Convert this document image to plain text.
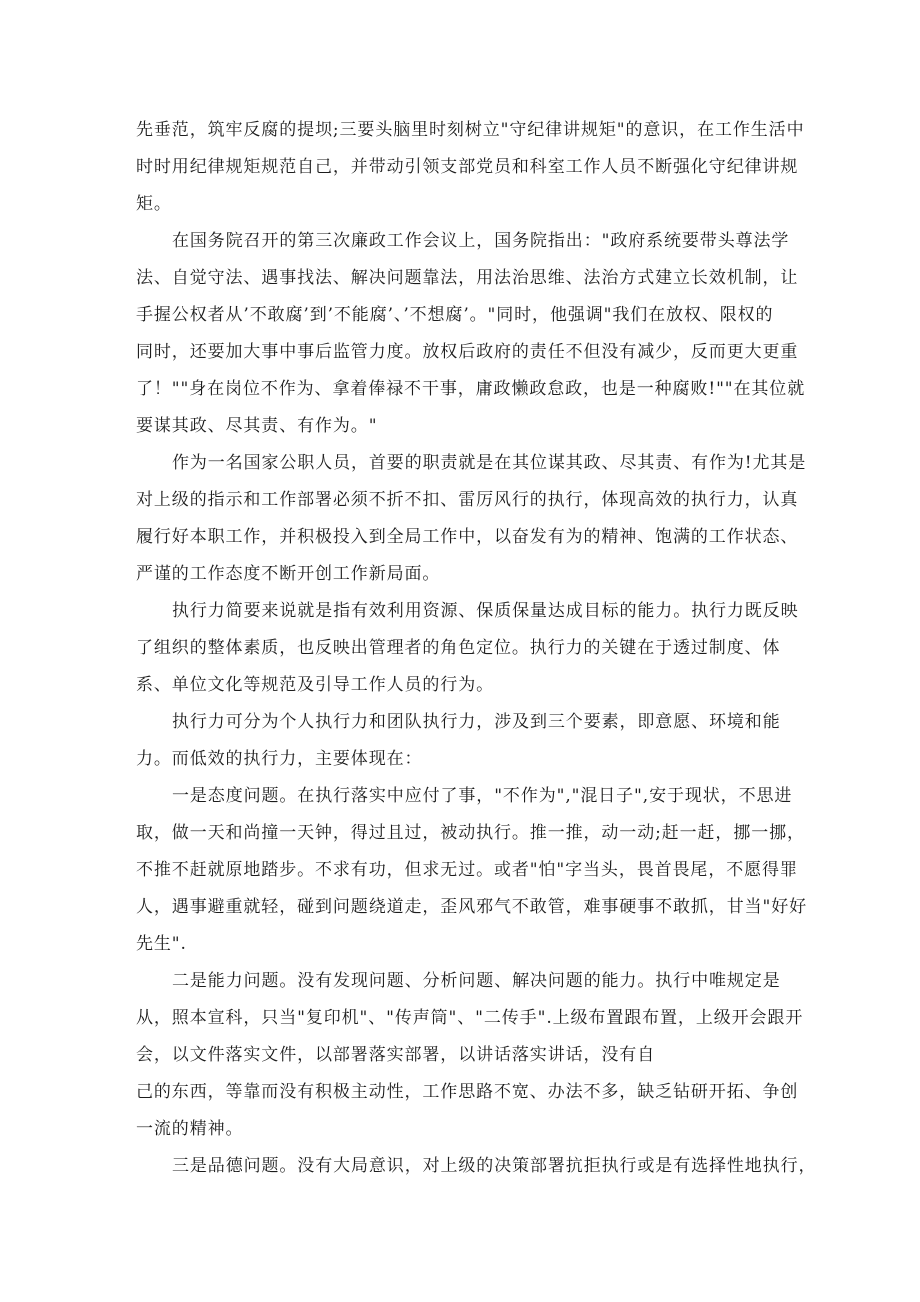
先垂范，筑牢反腐的提坝;三要头脑里时刻树立"守纪律讲规矩"的意识，在工作生活中

时时用纪律规矩规范自己，并带动引领支部党员和科室工作人员不断强化守纪律讲规

矩。

在国务院召开的第三次廉政工作会议上，国务院指出："政府系统要带头尊法学

法、自觉守法、遇事找法、解决问题靠法，用法治思维、法治方式建立长效机制，让

手握公权者从’不敢腐’到’不能腐’、’不想腐’。"同时，他强调"我们在放权、限权的

同时，还要加大事中事后监管力度。放权后政府的责任不但没有减少，反而更大更重

了！""身在岗位不作为、拿着俸禄不干事，庸政懒政怠政，也是一种腐败!""在其位就

要谋其政、尽其责、有作为。"

作为一名国家公职人员，首要的职责就是在其位谋其政、尽其责、有作为!尤其是

对上级的指示和工作部署必须不折不扣、雷厉风行的执行，体现高效的执行力，认真

履行好本职工作，并积极投入到全局工作中，以奋发有为的精神、饱满的工作状态、

严谨的工作态度不断开创工作新局面。

执行力简要来说就是指有效利用资源、保质保量达成目标的能力。执行力既反映

了组织的整体素质，也反映出管理者的角色定位。执行力的关键在于透过制度、体

系、单位文化等规范及引导工作人员的行为。

执行力可分为个人执行力和团队执行力，涉及到三个要素，即意愿、环境和能

力。而低效的执行力，主要体现在：

一是态度问题。在执行落实中应付了事，"不作为","混日子",安于现状，不思进

取，做一天和尚撞一天钟，得过且过，被动执行。推一推，动一动;赶一赶，挪一挪，

不推不赶就原地踏步。不求有功，但求无过。或者"怕"字当头，畏首畏尾，不愿得罪

人，遇事避重就轻，碰到问题绕道走，歪风邪气不敢管，难事硬事不敢抓，甘当"好好

先生".

二是能力问题。没有发现问题、分析问题、解决问题的能力。执行中唯规定是

从，照本宣科，只当"复印机"、"传声筒"、"二传手".上级布置跟布置，上级开会跟开

会，以文件落实文件，以部署落实部署，以讲话落实讲话，没有自

己的东西，等靠而没有积极主动性，工作思路不宽、办法不多，缺乏钻研开拓、争创

一流的精神。

三是品德问题。没有大局意识，对上级的决策部署抗拒执行或是有选择性地执行，
